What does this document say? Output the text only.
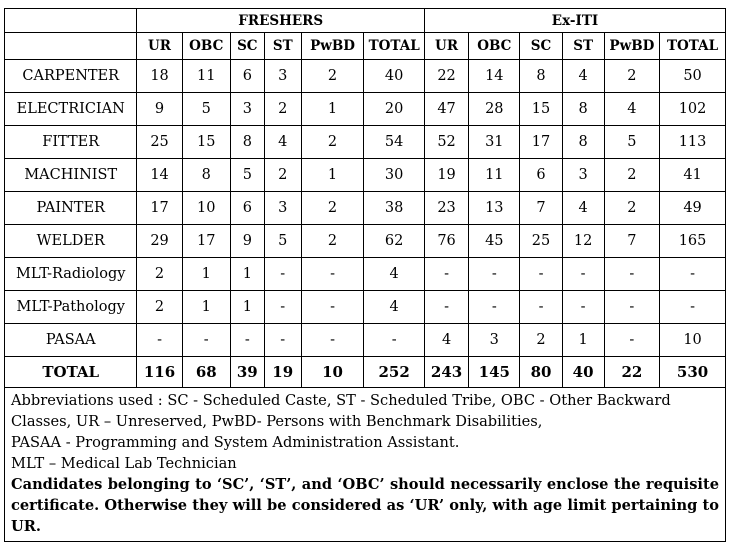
	FRESHERS						Ex-ITI					
	UR	OBC	SC	ST	PwBD	TOTAL	UR	OBC	SC	ST	PwBD	TOTAL
CARPENTER	18	11	6	3	2	40	22	14	8	4	2	50
ELECTRICIAN	9	5	3	2	1	20	47	28	15	8	4	102
FITTER	25	15	8	4	2	54	52	31	17	8	5	113
MACHINIST	14	8	5	2	1	30	19	11	6	3	2	41
PAINTER	17	10	6	3	2	38	23	13	7	4	2	49
WELDER	29	17	9	5	2	62	76	45	25	12	7	165
MLT-Radiology	2	1	1	-	-	4	-	-	-	-	-	-
MLT-Pathology	2	1	1	-	-	4	-	-	-	-	-	-
PASAA	-	-	-	-	-	-	4	3	2	1	-	10
TOTAL	116	68	39	19	10	252	243	145	80	40	22	530

Abbreviations used : SC - Scheduled Caste, ST - Scheduled Tribe, OBC - Other Backward

Classes, UR – Unreserved, PwBD- Persons with Benchmark Disabilities,

PASAA - Programming and System Administration Assistant.

MLT – Medical Lab Technician

Candidates belonging to ‘SC’, ‘ST’, and ‘OBC’ should necessarily enclose the requisite certificate. Otherwise they will be considered as ‘UR’ only, with age limit pertaining to UR.
